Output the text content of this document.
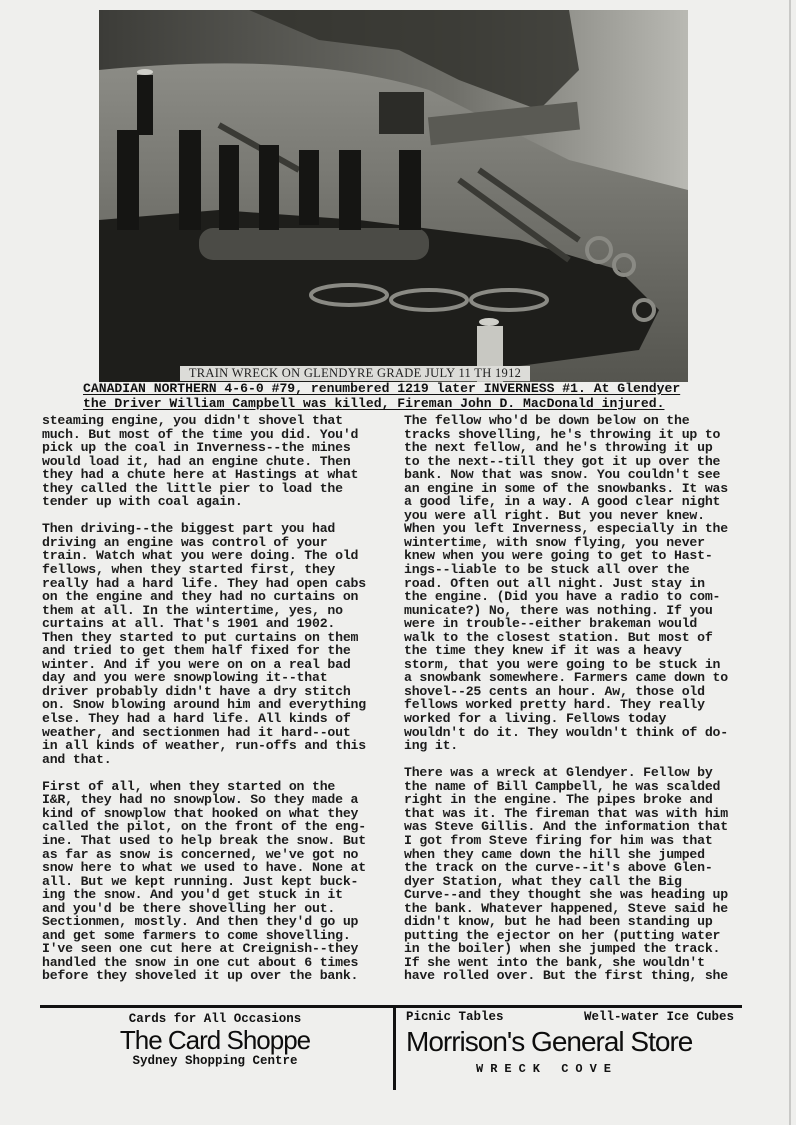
TRAIN WRECK ON GLENDYRE GRADE JULY 11 TH 1912
CANADIAN NORTHERN 4-6-0 #79, renumbered 1219 later INVERNESS #1. At Glendyer
the Driver William Campbell was killed, Fireman John D. MacDonald injured.

steaming engine, you didn't shovel that
much. But most of the time you did. You'd
pick up the coal in Inverness--the mines
would load it, had an engine chute. Then
they had a chute here at Hastings at what
they called the little pier to load the
tender up with coal again.

Then driving--the biggest part you had
driving an engine was control of your
train. Watch what you were doing. The old
fellows, when they started first, they
really had a hard life. They had open cabs
on the engine and they had no curtains on
them at all. In the wintertime, yes, no
curtains at all. That's 1901 and 1902.
Then they started to put curtains on them
and tried to get them half fixed for the
winter. And if you were on on a real bad
day and you were snowplowing it--that
driver probably didn't have a dry stitch
on. Snow blowing around him and everything
else. They had a hard life. All kinds of
weather, and sectionmen had it hard--out
in all kinds of weather, run-offs and this
and that.

First of all, when they started on the
I&R, they had no snowplow. So they made a
kind of snowplow that hooked on what they
called the pilot, on the front of the eng-
ine. That used to help break the snow. But
as far as snow is concerned, we've got no
snow here to what we used to have. None at
all. But we kept running. Just kept buck-
ing the snow. And you'd get stuck in it
and you'd be there shovelling her out.
Sectionmen, mostly. And then they'd go up
and get some farmers to come shovelling.
I've seen one cut here at Creignish--they
handled the snow in one cut about 6 times
before they shoveled it up over the bank.

The fellow who'd be down below on the
tracks shovelling, he's throwing it up to
the next fellow, and he's throwing it up
to the next--till they got it up over the
bank. Now that was snow. You couldn't see
an engine in some of the snowbanks. It was
a good life, in a way. A good clear night
you were all right. But you never knew.
When you left Inverness, especially in the
wintertime, with snow flying, you never
knew when you were going to get to Hast-
ings--liable to be stuck all over the
road. Often out all night. Just stay in
the engine. (Did you have a radio to com-
municate?) No, there was nothing. If you
were in trouble--either brakeman would
walk to the closest station. But most of
the time they knew if it was a heavy
storm, that you were going to be stuck in
a snowbank somewhere. Farmers came down to
shovel--25 cents an hour. Aw, those old
fellows worked pretty hard. They really
worked for a living. Fellows today
wouldn't do it. They wouldn't think of do-
ing it.

There was a wreck at Glendyer. Fellow by
the name of Bill Campbell, he was scalded
right in the engine. The pipes broke and
that was it. The fireman that was with him
was Steve Gillis. And the information that
I got from Steve firing for him was that
when they came down the hill she jumped
the track on the curve--it's above Glen-
dyer Station, what they call the Big
Curve--and they thought she was heading up
the bank. Whatever happened, Steve said he
didn't know, but he had been standing up
putting the ejector on her (putting water
in the boiler) when she jumped the track.
If she went into the bank, she wouldn't
have rolled over. But the first thing, she

Cards for All Occasions
The Card Shoppe
Sydney Shopping Centre
Picnic Tables	Well-water Ice Cubes
Morrison's General Store
WRECK COVE
